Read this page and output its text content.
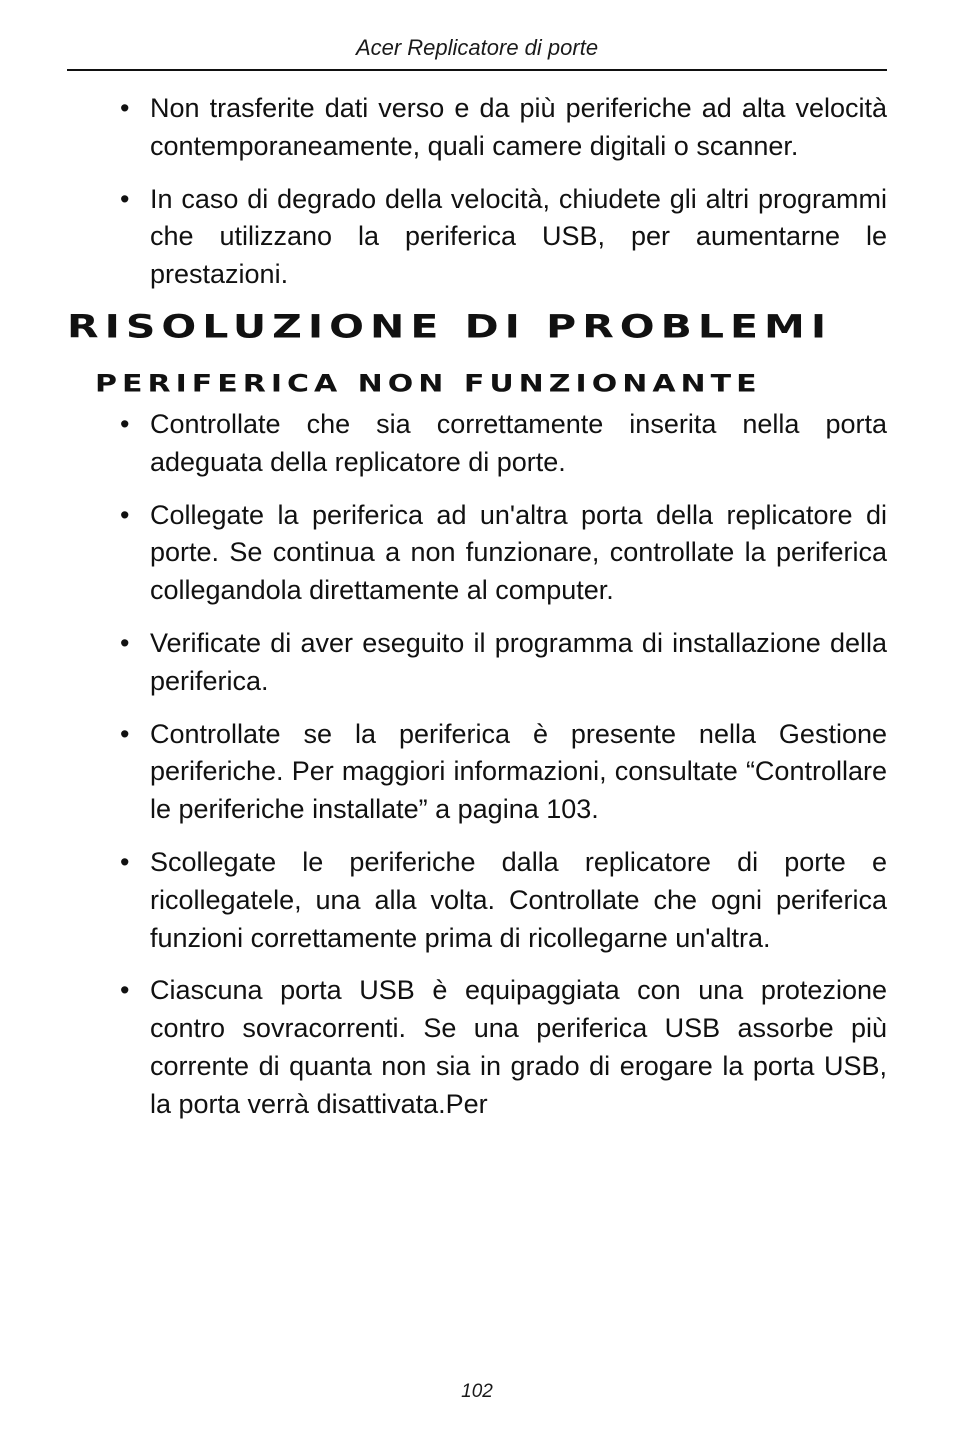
Acer Replicatore di porte
• Non trasferite dati verso e da più periferiche ad alta velocità contemporaneamente, quali camere digitali o scanner.
• In caso di degrado della velocità, chiudete gli altri programmi che utilizzano la periferica USB, per aumentarne le prestazioni.
RISOLUZIONE DI PROBLEMI
PERIFERICA NON FUNZIONANTE
• Controllate che sia correttamente inserita nella porta adeguata della replicatore di porte.
• Collegate la periferica ad un'altra porta della replicatore di porte. Se continua a non funzionare, controllate la periferica collegandola direttamente al computer.
• Verificate di aver eseguito il programma di installazione della periferica.
• Controllate se la periferica è presente nella Gestione periferiche. Per maggiori informazioni, consultate “Controllare le periferiche installate” a pagina 103.
• Scollegate le periferiche dalla replicatore di porte e ricollegatele, una alla volta. Controllate che ogni periferica funzioni correttamente prima di ricollegarne un'altra.
• Ciascuna porta USB è equipaggiata con una protezione contro sovracorrenti. Se una periferica USB assorbe più corrente di quanta non sia in grado di erogare la porta USB, la porta verrà disattivata.Per
102
